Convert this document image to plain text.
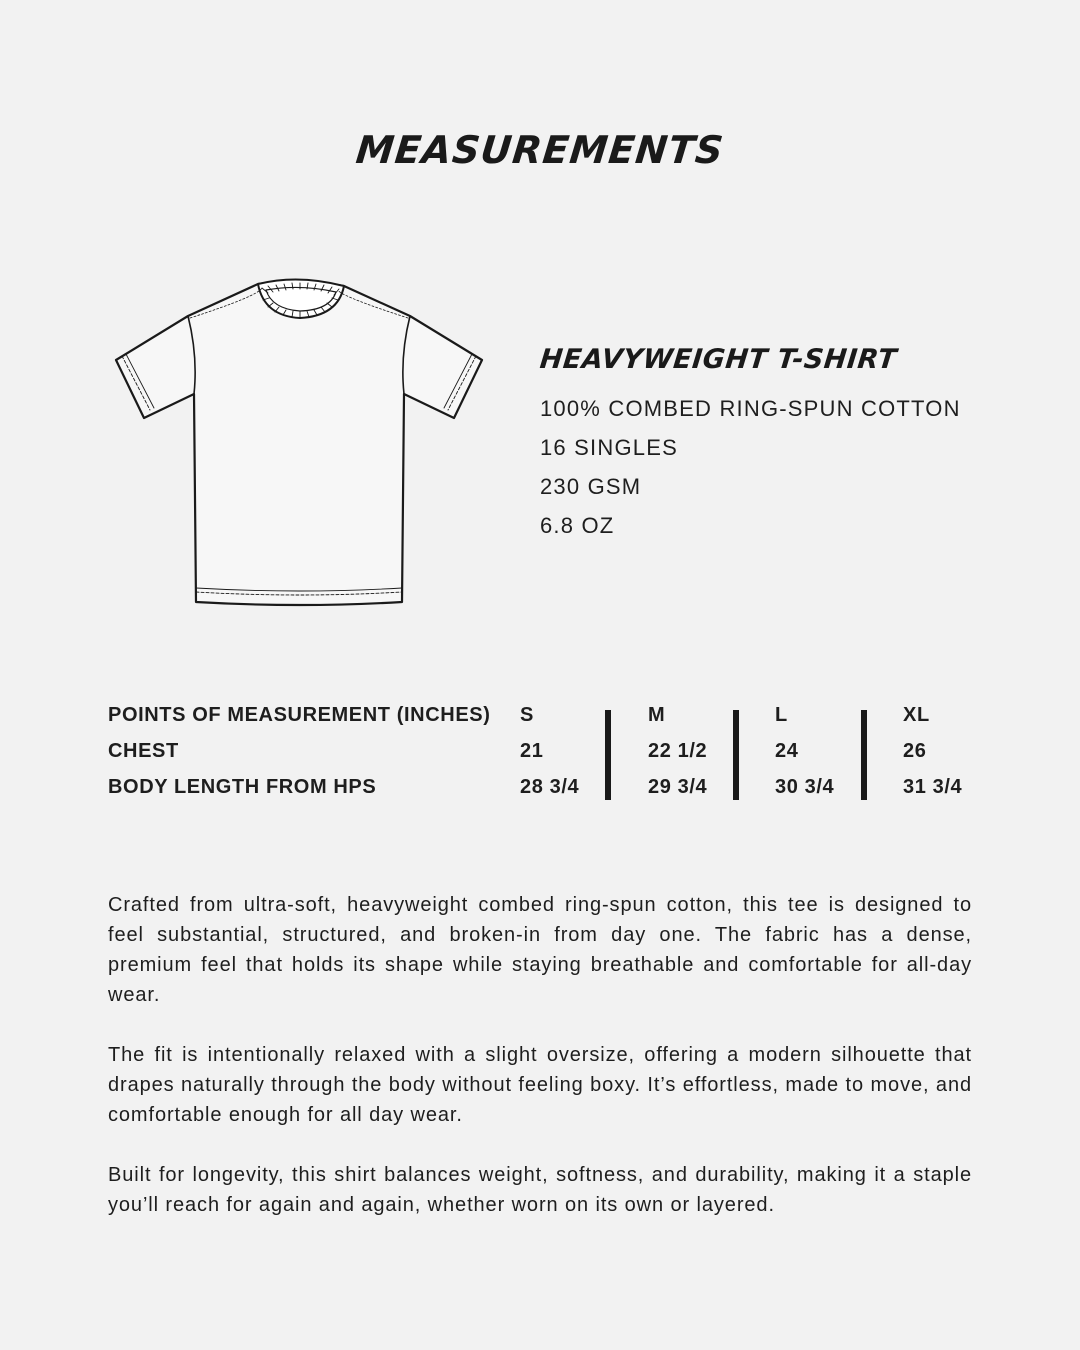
MEASUREMENTS
HEAVYWEIGHT T-SHIRT
100% COMBED RING-SPUN COTTON
16 SINGLES
230 GSM
6.8 OZ
POINTS OF MEASUREMENT (INCHES)
CHEST
BODY LENGTH FROM HPS
S
21
28 3/4
M
22 1/2
29 3/4
L
24
30 3/4
XL
26
31 3/4

Crafted from ultra-soft, heavyweight combed ring-spun cotton, this tee is designed to feel substantial, structured, and broken-in from day one. The fabric has a dense, premium feel that holds its shape while staying breathable and comfortable for all-day wear.

The fit is intentionally relaxed with a slight oversize, offering a modern silhouette that drapes naturally through the body without feeling boxy. It’s effortless, made to move, and comfortable enough for all day wear.

Built for longevity, this shirt balances weight, softness, and durability, making it a staple you’ll reach for again and again, whether worn on its own or layered.
